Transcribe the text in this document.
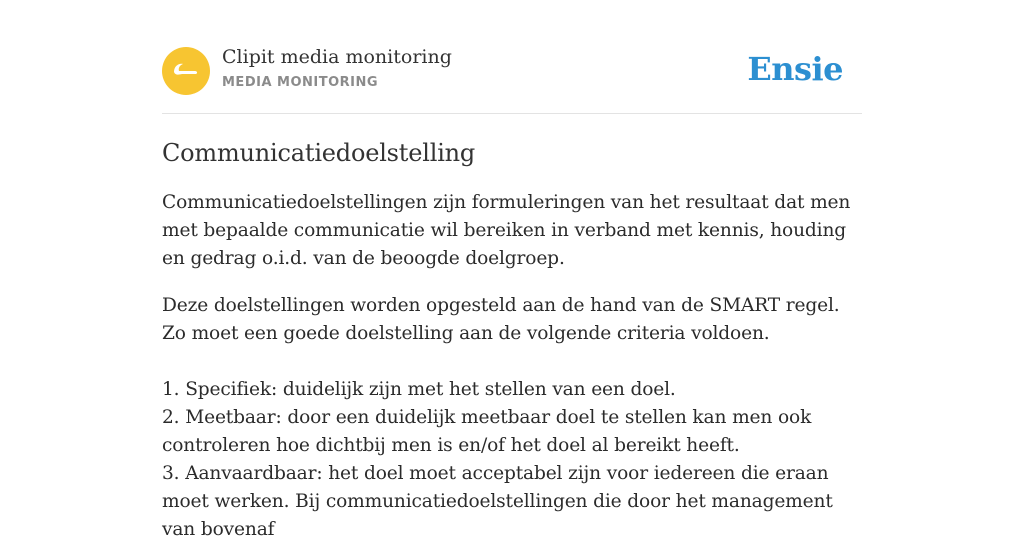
Clipit media monitoring
MEDIA MONITORING	Ensie
Communicatiedoelstelling

Communicatiedoelstellingen zijn formuleringen van het resultaat dat men met bepaalde communicatie wil bereiken in verband met kennis, houding en gedrag o.i.d. van de beoogde doelgroep.

Deze doelstellingen worden opgesteld aan de hand van de SMART regel. Zo moet een goede doelstelling aan de volgende criteria voldoen.

1. Specifiek: duidelijk zijn met het stellen van een doel.
2. Meetbaar: door een duidelijk meetbaar doel te stellen kan men ook controleren hoe dichtbij men is en/of het doel al bereikt heeft.
3. Aanvaardbaar: het doel moet acceptabel zijn voor iedereen die eraan moet werken. Bij communicatiedoelstellingen die door het management van bovenaf
